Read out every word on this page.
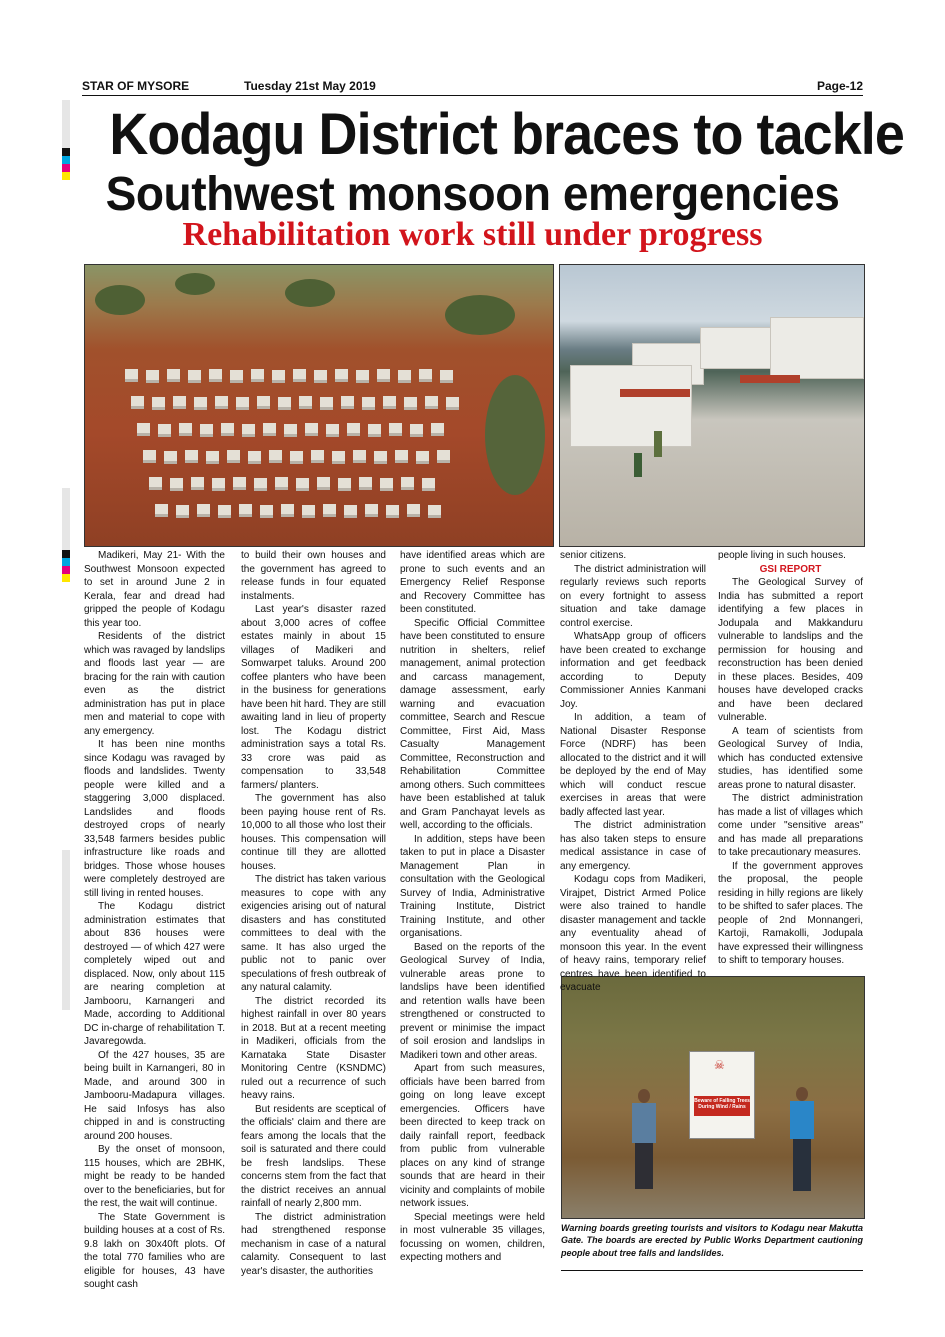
STAR OF MYSORE	Tuesday 21st May 2019	Page-12
Kodagu District braces to tackle
Southwest monsoon emergencies
Rehabilitation work still under progress
☠
Beware of Falling Trees During Wind / Rains
Warning boards greeting tourists and visitors to Kodagu near Makutta Gate. The boards are erected by Public Works Department cautioning people about tree falls and landslides.

Madikeri, May 21- With the Southwest Monsoon expected to set in around June 2 in Kerala, fear and dread had gripped the people of Kodagu this year too.

Residents of the district which was ravaged by landslips and floods last year — are bracing for the rain with caution even as the district administration has put in place men and material to cope with any emergency.

It has been nine months since Kodagu was ravaged by floods and landslides. Twenty people were killed and a staggering 3,000 displaced. Landslides and floods destroyed crops of nearly 33,548 farmers besides public infrastructure like roads and bridges. Those whose houses were completely destroyed are still living in rented houses.

The Kodagu district administration estimates that about 836 houses were destroyed — of which 427 were completely wiped out and displaced. Now, only about 115 are nearing completion at Jambooru, Karnangeri and Made, according to Additional DC in-charge of rehabilitation T. Javaregowda.

Of the 427 houses, 35 are being built in Karnangeri, 80 in Made, and around 300 in Jambooru-Madapura villages. He said Infosys has also chipped in and is constructing around 200 houses.

By the onset of monsoon, 115 houses, which are 2BHK, might be ready to be handed over to the beneficiaries, but for the rest, the wait will continue.

The State Government is building houses at a cost of Rs. 9.8 lakh on 30x40ft plots. Of the total 770 families who are eligible for houses, 43 have sought cash

to build their own houses and the government has agreed to release funds in four equated instalments.

Last year's disaster razed about 3,000 acres of coffee estates mainly in about 15 villages of Madikeri and Somwarpet taluks. Around 200 coffee planters who have been in the business for generations have been hit hard. They are still awaiting land in lieu of property lost. The Kodagu district administration says a total Rs. 33 crore was paid as compensation to 33,548 farmers/ planters.

The government has also been paying house rent of Rs. 10,000 to all those who lost their houses. This compensation will continue till they are allotted houses.

The district has taken various measures to cope with any exigencies arising out of natural disasters and has constituted committees to deal with the same. It has also urged the public not to panic over speculations of fresh outbreak of any natural calamity.

The district recorded its highest rainfall in over 80 years in 2018. But at a recent meeting in Madikeri, officials from the Karnataka State Disaster Monitoring Centre (KSNDMC) ruled out a recurrence of such heavy rains.

But residents are sceptical of the officials' claim and there are fears among the locals that the soil is saturated and there could be fresh landslips. These concerns stem from the fact that the district receives an annual rainfall of nearly 2,800 mm.

The district administration had strengthened response mechanism in case of a natural calamity. Consequent to last year's disaster, the authorities

have identified areas which are prone to such events and an Emergency Relief Response and Recovery Committee has been constituted.

Specific Official Committee have been constituted to ensure nutrition in shelters, relief management, animal protection and carcass management, damage assessment, early warning and evacuation committee, Search and Rescue Committee, First Aid, Mass Casualty Management Committee, Reconstruction and Rehabilitation Committee among others. Such committees have been established at taluk and Gram Panchayat levels as well, according to the officials.

In addition, steps have been taken to put in place a Disaster Management Plan in consultation with the Geological Survey of India, Administrative Training Institute, District Training Institute, and other organisations.

Based on the reports of the Geological Survey of India, vulnerable areas prone to landslips have been identified and retention walls have been strengthened or constructed to prevent or minimise the impact of soil erosion and landslips in Madikeri town and other areas.

Apart from such measures, officials have been barred from going on long leave except emergencies. Officers have been directed to keep track on daily rainfall report, feedback from public from vulnerable places on any kind of strange sounds that are heard in their vicinity and complaints of mobile network issues.

Special meetings were held in most vulnerable 35 villages, focussing on women, children, expecting mothers and

senior citizens.

The district administration will regularly reviews such reports on every fortnight to assess situation and take damage control exercise.

WhatsApp group of officers have been created to exchange information and get feedback according to Deputy Commissioner Annies Kanmani Joy.

In addition, a team of National Disaster Response Force (NDRF) has been allocated to the district and it will be deployed by the end of May which will conduct rescue exercises in areas that were badly affected last year.

The district administration has also taken steps to ensure medical assistance in case of any emergency.

Kodagu cops from Madikeri, Virajpet, District Armed Police were also trained to handle disaster management and tackle any eventuality ahead of monsoon this year. In the event of heavy rains, temporary relief centres have been identified to evacuate

people living in such houses.

GSI REPORT

The Geological Survey of India has submitted a report identifying a few places in Jodupala and Makkanduru vulnerable to landslips and the permission for housing and reconstruction has been denied in these places. Besides, 409 houses have developed cracks and have been declared vulnerable.

A team of scientists from Geological Survey of India, which has conducted extensive studies, has identified some areas prone to natural disaster.

The district administration has made a list of villages which come under "sensitive areas" and has made all preparations to take precautionary measures.

If the government approves the proposal, the people residing in hilly regions are likely to be shifted to safer places. The people of 2nd Monnangeri, Kartoji, Ramakolli, Jodupala have expressed their willingness to shift to temporary houses.
